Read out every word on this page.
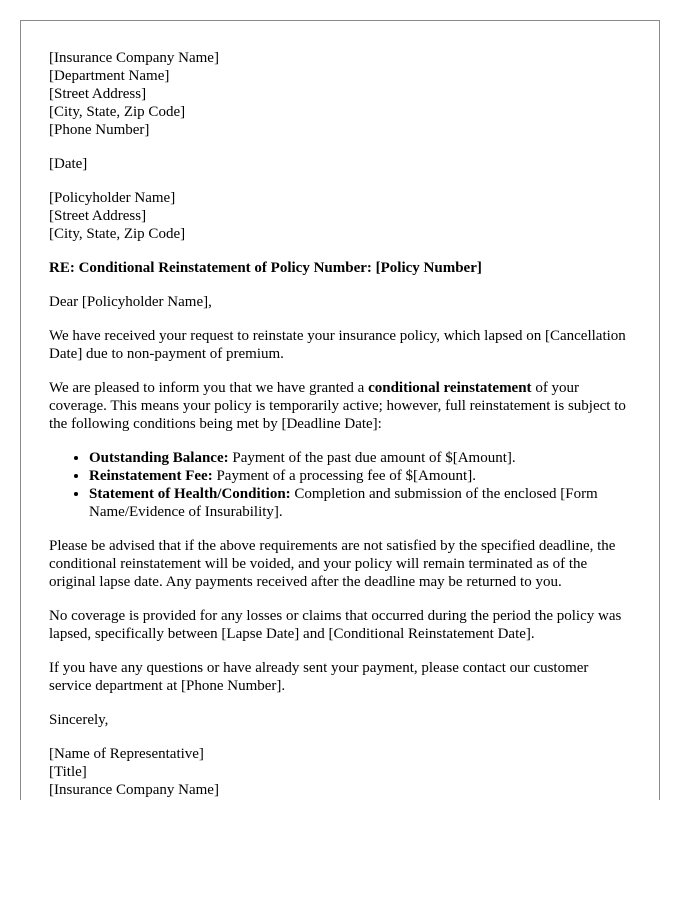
[Insurance Company Name]
[Department Name]
[Street Address]
[City, State, Zip Code]
[Phone Number]
[Date]
[Policyholder Name]
[Street Address]
[City, State, Zip Code]
RE: Conditional Reinstatement of Policy Number: [Policy Number]

Dear [Policyholder Name],

We have received your request to reinstate your insurance policy, which lapsed on [Cancellation Date] due to non-payment of premium.

We are pleased to inform you that we have granted a conditional reinstatement of your coverage. This means your policy is temporarily active; however, full reinstatement is subject to the following conditions being met by [Deadline Date]:

• Outstanding Balance: Payment of the past due amount of $[Amount].
• Reinstatement Fee: Payment of a processing fee of $[Amount].
• Statement of Health/Condition: Completion and submission of the enclosed [Form Name/Evidence of Insurability].

Please be advised that if the above requirements are not satisfied by the specified deadline, the conditional reinstatement will be voided, and your policy will remain terminated as of the original lapse date. Any payments received after the deadline may be returned to you.

No coverage is provided for any losses or claims that occurred during the period the policy was lapsed, specifically between [Lapse Date] and [Conditional Reinstatement Date].

If you have any questions or have already sent your payment, please contact our customer service department at [Phone Number].

Sincerely,

[Name of Representative]
[Title]
[Insurance Company Name]
